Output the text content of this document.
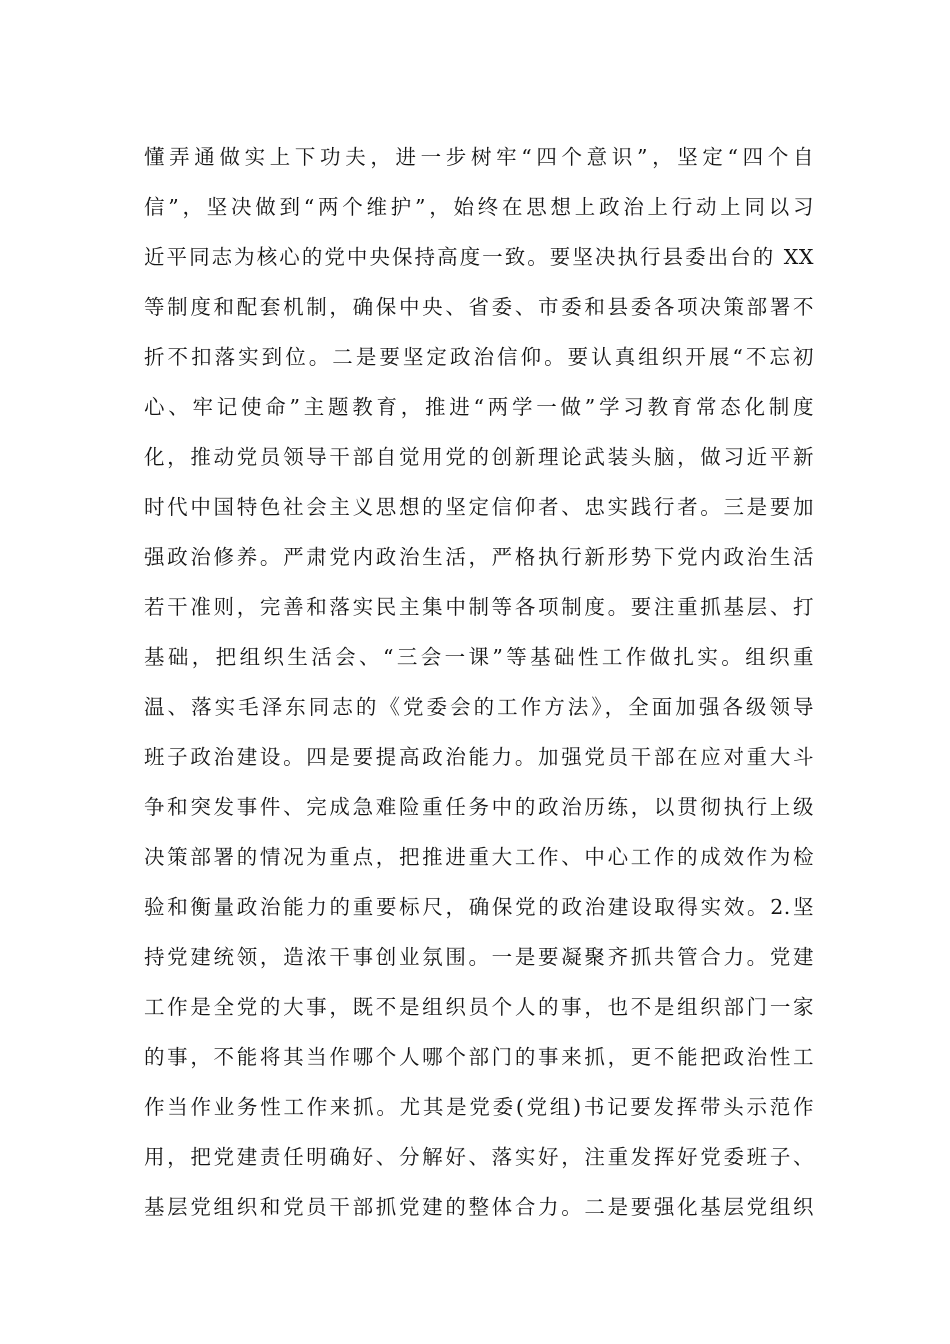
懂弄通做实上下功夫，进一步树牢“四个意识”，坚定“四个自
信”，坚决做到“两个维护”，始终在思想上政治上行动上同以习
近平同志为核心的党中央保持高度一致。要坚决执行县委出台的 XX
等制度和配套机制，确保中央、省委、市委和县委各项决策部署不
折不扣落实到位。二是要坚定政治信仰。要认真组织开展“不忘初
心、牢记使命”主题教育，推进“两学一做”学习教育常态化制度
化，推动党员领导干部自觉用党的创新理论武装头脑，做习近平新
时代中国特色社会主义思想的坚定信仰者、忠实践行者。三是要加
强政治修养。严肃党内政治生活，严格执行新形势下党内政治生活
若干准则，完善和落实民主集中制等各项制度。要注重抓基层、打
基础，把组织生活会、“三会一课”等基础性工作做扎实。组织重
温、落实毛泽东同志的《党委会的工作方法》，全面加强各级领导
班子政治建设。四是要提高政治能力。加强党员干部在应对重大斗
争和突发事件、完成急难险重任务中的政治历练，以贯彻执行上级
决策部署的情况为重点，把推进重大工作、中心工作的成效作为检
验和衡量政治能力的重要标尺，确保党的政治建设取得实效。2.坚
持党建统领，造浓干事创业氛围。一是要凝聚齐抓共管合力。党建
工作是全党的大事，既不是组织员个人的事，也不是组织部门一家
的事，不能将其当作哪个人哪个部门的事来抓，更不能把政治性工
作当作业务性工作来抓。尤其是党委(党组)书记要发挥带头示范作
用，把党建责任明确好、分解好、落实好，注重发挥好党委班子、
基层党组织和党员干部抓党建的整体合力。二是要强化基层党组织
